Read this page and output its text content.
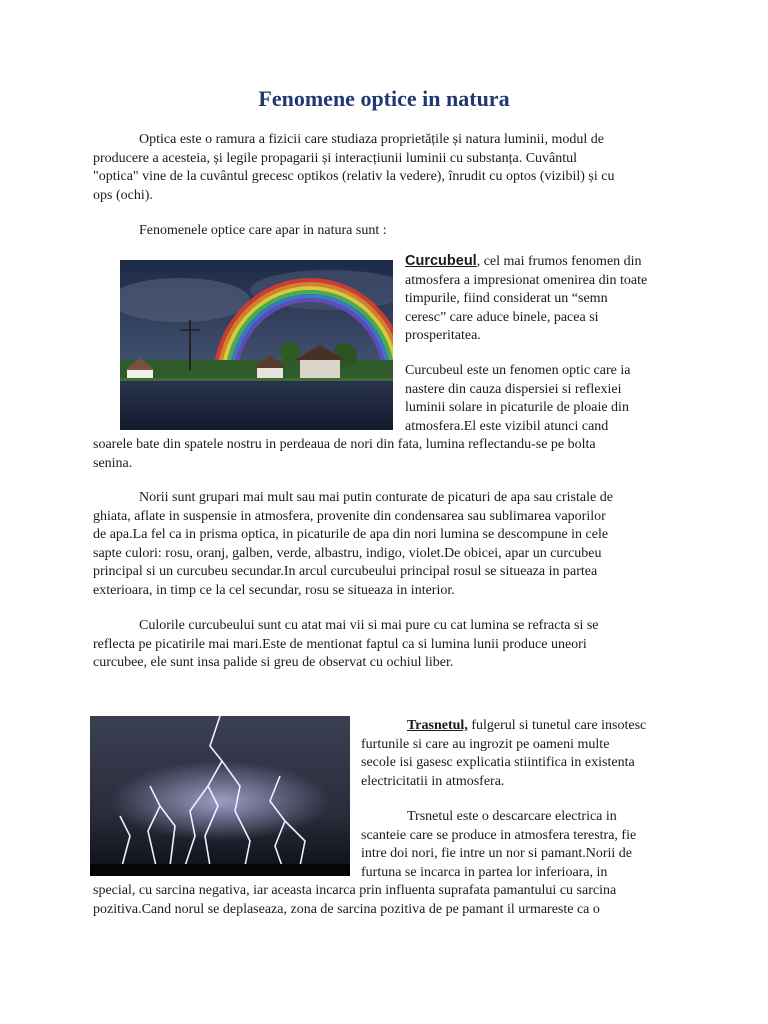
Fenomene optice in natura
Optica este o ramura a fizicii care studiaza proprietățile și natura luminii, modul de
producere a acesteia, și legile propagarii și interacțiunii luminii cu substanța. Cuvântul
"optica" vine de la cuvântul grecesc optikos (relativ la vedere), înrudit cu optos (vizibil) și cu
ops (ochi).
Fenomenele optice care apar in natura sunt :
Curcubeul, cel mai frumos fenomen din
atmosfera a impresionat omenirea din toate
timpurile, fiind considerat un “semn
ceresc” care aduce binele, pacea si
prosperitatea.
Curcubeul este un fenomen optic care ia
nastere din cauza dispersiei si reflexiei
luminii solare in picaturile de ploaie din
atmosfera.El este vizibil atunci cand
soarele bate din spatele nostru in perdeaua de nori din fata, lumina reflectandu-se pe bolta
senina.
Norii sunt grupari mai mult sau mai putin conturate de picaturi de apa sau cristale de
ghiata, aflate in suspensie in atmosfera, provenite din condensarea sau sublimarea vaporilor
de apa.La fel ca in prisma optica, in picaturile de apa din nori lumina se descompune in cele
sapte culori: rosu, oranj, galben, verde, albastru, indigo, violet.De obicei, apar un curcubeu
principal si un curcubeu secundar.In arcul curcubeului principal rosul se situeaza in partea
exterioara, in timp ce la cel secundar, rosu se situeaza in interior.
Culorile curcubeului sunt cu atat mai vii si mai pure cu cat lumina se refracta si se
reflecta pe picatirile mai mari.Este de mentionat faptul ca si lumina lunii produce uneori
curcubee, ele sunt insa palide si greu de observat cu ochiul liber.
Trasnetul, fulgerul si tunetul care insotesc
furtunile si care au ingrozit pe oameni multe
secole isi gasesc explicatia stiintifica in existenta
electricitatii in atmosfera.
Trsnetul este o descarcare electrica in
scanteie care se produce in atmosfera terestra, fie
intre doi nori, fie intre un nor si pamant.Norii de
furtuna se incarca in partea lor inferioara, in
special, cu sarcina negativa, iar aceasta incarca prin influenta suprafata pamantului cu sarcina
pozitiva.Cand norul se deplaseaza, zona de sarcina pozitiva de pe pamant il urmareste ca o
